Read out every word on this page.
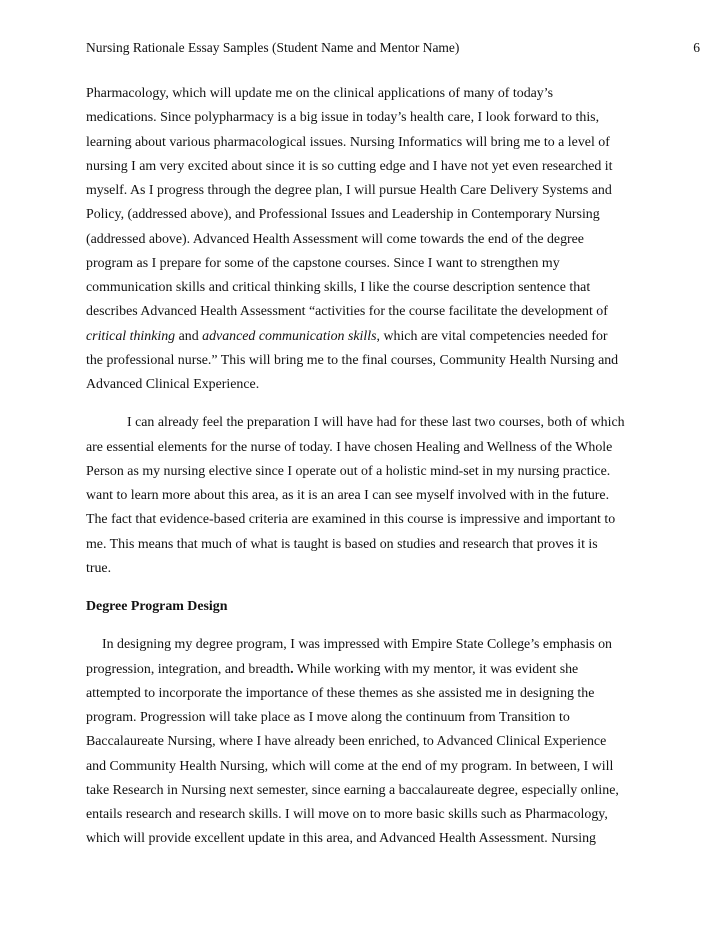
Nursing Rationale Essay Samples (Student Name and Mentor Name)	6
Pharmacology, which will update me on the clinical applications of many of today’s
medications. Since polypharmacy is a big issue in today’s health care, I look forward to this,
learning about various pharmacological issues. Nursing Informatics will bring me to a level of
nursing I am very excited about since it is so cutting edge and I have not yet even researched it
myself. As I progress through the degree plan, I will pursue Health Care Delivery Systems and
Policy, (addressed above), and Professional Issues and Leadership in Contemporary Nursing
(addressed above). Advanced Health Assessment will come towards the end of the degree
program as I prepare for some of the capstone courses. Since I want to strengthen my
communication skills and critical thinking skills, I like the course description sentence that
describes Advanced Health Assessment “activities for the course facilitate the development of
critical thinking and advanced communication skills, which are vital competencies needed for
the professional nurse.” This will bring me to the final courses, Community Health Nursing and
Advanced Clinical Experience.
I can already feel the preparation I will have had for these last two courses, both of which
are essential elements for the nurse of today. I have chosen Healing and Wellness of the Whole
Person as my nursing elective since I operate out of a holistic mind-set in my nursing practice.
want to learn more about this area, as it is an area I can see myself involved with in the future.
The fact that evidence-based criteria are examined in this course is impressive and important to
me. This means that much of what is taught is based on studies and research that proves it is
true.
Degree Program Design
In designing my degree program, I was impressed with Empire State College’s emphasis on
progression, integration, and breadth. While working with my mentor, it was evident she
attempted to incorporate the importance of these themes as she assisted me in designing the
program. Progression will take place as I move along the continuum from Transition to
Baccalaureate Nursing, where I have already been enriched, to Advanced Clinical Experience
and Community Health Nursing, which will come at the end of my program. In between, I will
take Research in Nursing next semester, since earning a baccalaureate degree, especially online,
entails research and research skills. I will move on to more basic skills such as Pharmacology,
which will provide excellent update in this area, and Advanced Health Assessment. Nursing
